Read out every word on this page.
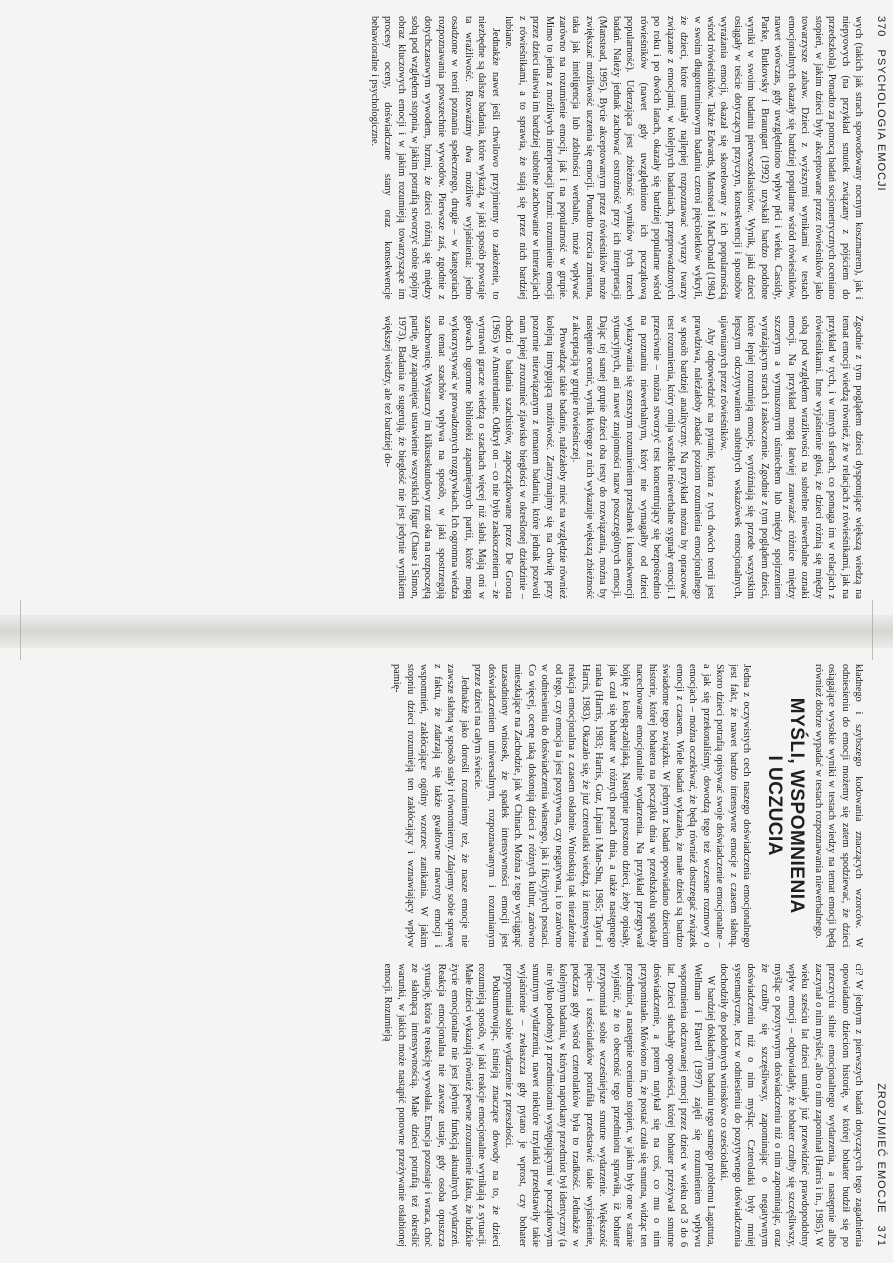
370   PSYCHOLOGIA EMOCJI

wych (takich jak strach spowodowany nocnym koszmarem), jak i niepyowych (na przykład smutek związany z pójściem do przedszkola). Ponadto za pomocą badań socjometrycznych oceniano stopień, w jakim dzieci były akceptowane przez rówieśników jako towarzysze zabaw. Dzieci z wyższymi wynikami w testach emocjonalnych okazały się bardziej popularne wśród rówieśników, nawet wówczas, gdy uwzględniono wpływ płci i wieku. Cassidy, Parke, Butkovsky i Braungart (1992) uzyskali bardzo podobne wyniki w swoim badaniu pierwszoklasistów. Wynik, jaki dzieci osiągały w teście dotyczącym przyczyn, konsekwencji i sposobów wyrażania emocji, okazał się skorelowany z ich popularnością wśród rówieśników. Także Edwards, Manstead i MacDonald (1984) w swoim długoterminowym badaniu czteroi pięcioletków wykryli, że dzieci, które umiały najlepiej rozpoznawać wyrazy twarzy związane z emocjami, w kolejnych badaniach, przeprowadzonych po roku i po dwóch latach, okazały się bardziej popularne wśród rówieśników (nawet gdy uwzględniono ich początkową popularność). Uderzająca jest zbieżność wyników tych trzech badań. Należy jednak zachować ostrożność przy ich interpretacji (Manstead, 1995). Bycie akceptowanym przez rówieśników może zwiększać możliwość uczenia się emocji. Ponadto trzecia zmienna, taka jak inteligencja lub zdolności werbalne, może wpływać zarówno na rozumienie emocji, jak i na popularność w grupie. Mimo to jedna z możliwych interpretacji brzmi: rozumienie emocji przez dzieci ułatwia im bardziej subtelne zachowanie w interakcjach z rówieśnikami, a to sprawia, że stają się przez nich bardziej lubiane.

Jednakże nawet jeśli chwilowo przyjmiemy to założenie, to niezbędne są dalsze badania, które wykażą, w jaki sposób powstaje ta wrażliwość. Rozważmy dwa możliwe wyjaśnienia: jedno osadzone w teorii poznania społecznego, drugie – w kategoriach rozpoznawania powszechnie wywodów. Pierwsze zaś, zgodnie z dotychczasowym wywodem, brzmi, że dzieci różnią się między sobą pod względem stopnia, w jakim potrafią stworzyć sobie spójny obraz kluczowych emocji i w jakim rozumieją towarzyszące im procesy oceny, doświadczane stany oraz konsekwencje behawioralne i psychologiczne.

Zgodnie z tym poglądem dzieci dysponujące większą wiedzą na temat emocji wiedzą również, że w relacjach z rówieśnikami, jak na przykład w tych, i w innych sferach, co pomaga im w relacjach z rówieśnikami. Inne wyjaśnienie głosi, że dzieci różnią się między sobą pod względem wrażliwości na subtelne niewerbalne oznaki emocji. Na przykład mogą łatwiej zauważać różnice między szczerym a wymuszonym uśmiechem lub między spojrzeniem wyrażającym strach i zaskoczenie. Zgodnie z tym poglądem dzieci, które lepiej rozumieją emocje, wyróżniają się przede wszystkim lepszym odczytywaniem subtelnych wskazówek emocjonalnych, ujawnianych przez rówieśników.

Aby odpowiedzieć na pytanie, która z tych dwóch teorii jest prawdziwa, należałoby zbadać poziom rozumienia emocjonalnego w sposób bardziej analityczny. Na przykład można by opracować test rozumienia, który omija wszelkie niewerbalne sygnały emocji. I przeciwnie – można stworzyć test koncentrujący się bezpośrednio na poznaniu niewerbalnym, który nie wymagałby od dzieci wykazywania się szerszym rozumieniem przesłanek i konsekwencji sytuacyjnych, ani nawet znajomości nazw poszczególnych emocji. Dając tej samej grupie dzieci oba testy do rozwiązania, można by następnie ocenić, wynik którego z nich wykazuje większą zbieżność z akceptacją w grupie rówieśniczej.

Prowadząc takie badanie, należałoby mieć na względzie również kolejną intrygującą możliwość. Zatrzymajmy się na chwilę przy pozornie niezwiązanym z tematem badaniu, które jednak pozwoli nam lepiej zrozumieć zjawisko biegłości w określonej dziedzinie – chodzi o badania szachistów, zapoczątkowane przez De Groota (1965) w Amsterdamie. Odkrył on – co nie było zaskoczeniem – że wytrawni gracze wiedzą o szachach więcej niż słabi. Mają oni w głowach ogromne biblioteki zapamiętanych partii, które mogą wykorzystywać w prowadzonych rozgrywkach. Ich ogromna wiedza na temat szachów wpływa na sposób, w jaki spostrzegają szachownicę. Wystarczy im kilkusekundowy rzut oka na rozpoczętą partię, aby zapamiętać ustawienie wszystkich figur (Chase i Simon, 1973). Badania te sugerują, że biegłość nie jest jedynie wynikiem większej wiedzy, ale też bardziej do-

ZROZUMIEĆ EMOCJE   371

kładnego i szybszego kodowania znaczących wzorców. W odniesieniu do emocji możemy się zatem spodziewać, że dzieci osiągające wysokie wyniki w testach wiedzy na temat emocji będą również dobrze wypadać w testach rozpoznawania niewerbalnego.

MYŚLI, WSPOMNIENIA
I UCZUCIA

Jedna z oczywistych cech naszego doświadczenia emocjonalnego jest fakt, że nawet bardzo intensywne emocje z czasem słabną. Skoro dzieci potrafią opisywać swoje doświadczenie emocjonalne – a jak się przekonaliśmy, dowodzą tego też wczesne rozmowy o emocjach – można oczekiwać, że będą również dostrzegać związek emocji z czasem. Wiele badań wykazało, że małe dzieci są bardzo świadome tego związku. W jednym z badań opowiadano dzieciom historie, której bohatera na początku dnia w przedszkolu spotkały nacechowane emocjonalnie wydarzenia. Na przykład przegrywał bójkę z kolegą-zabijaką. Następnie proszono dzieci, żeby opisały, jak czuł się bohater w różnych porach dnia, a także następnego ranka (Harris, 1983; Harris, Guz, Lipian i Man-Shu, 1985; Taylor i Harris, 1983). Okazało się, że już czterolatki wiedzą, iż intensywna reakcja emocjonalna z czasem osłabnie. Wnioskują tak niezależnie od tego, czy emocja ta jest pozytywna, czy negatywna, i to zarówno w odniesieniu do doświadczenia własnego, jak i fikcyjnych postaci. Co więcej, ocenę taką dokonują dzieci z różnych kultur, zarówno mieszkające na Zachodzie, jak w Chinach. Można z tego wyciągnąć uzasadniony wniosek, że spadek intensywności emocji jest doświadczeniem uniwersalnym, rozpoznawanym i rozumianym przez dzieci na całym świecie.

Jednakże jako dorośli rozumiemy też, że nasze emocje nie zawsze słabną w sposób stały i równomierny. Zdajemy sobie sprawę z faktu, że zdarzają się także gwałtowne nawroty emocji i wspomnień, zakłócające ogólny wzorzec zanikania. W jakim stopniu dzieci rozumieją ten zakłócający i wznawiający wpływ pamię-

ci? W jednym z pierwszych badań dotyczących tego zagadnienia opowiadano dzieciom historię, w której bohater budził się po przeczyciu silnie emocjonalnego wydarzenia, a następnie albo zaczynał o nim myśleć, albo o nim zapominał (Harris i in., 1985). W wieku sześciu lat dzieci umiały już przewidzieć prawdopodobny wpływ emocji – odpowiadały, że bohater czułby się szczęśliwszy, myśląc o pozytywnym doświadczeniu niż o nim zapominając, oraz że czułby się szczęśliwszy, zapominając o negatywnym doświadczeniu niż o nim myśląc. Czterolatki były mniej systematyczne, lecz w odniesieniu do pozytywnego doświadczenia dochodziły do podobnych wniosków co sześciolatki.

W bardziej dokładnym badaniu tego samego problemu Lagattuta, Wellman i Flavell (1997) zajęli się rozumieniem wpływu wspomnienia odczuwanej emocji przez dzieci w wieku od 3 do 6 lat. Dzieci słuchały opowieści, której bohater przeżywał smutne doświadczenie, a potem natykał się na coś, co mu o nim przypominało. Mówiono im, że postać czuła się smutna, widząc ten przedmiot, a następnie oceniano stopień, w jakim były one w stanie wyjaśnić, że to obecność tego przedmiotu sprawiła, iż bohater przypomniał sobie wcześniejsze smutne wydarzenie. Większość pięcio- i sześciolatków potrafiła przedstawić takie wyjaśnienie, podczas gdy wśród czterolatków była to rzadkość. Jednakże w kolejnym badaniu, w którym napotkany przedmiot był identyczny (a nie tylko podobny) z przedmiotami występującymi w początkowym smutnym wydarzeniu, nawet niektóre trzylatki przedstawiły takie wyjaśnienie – zwłaszcza gdy pytano je wprost, czy bohater przypomniał sobie wydarzenie z przeszłości.

Podsumowując, istnieją znaczące dowody na to, że dzieci rozumieją sposób, w jaki reakcje emocjonalne wynikają z sytuacji. Małe dzieci wykazują również pewne zrozumienie faktu, że ludzkie życie emocjonalne nie jest jedynie funkcją aktualnych wydarzeń. Reakcja emocjonalna nie zawsze ustaje, gdy osoba opuszcza sytuację, która tę reakcję wywołała. Emocja pozostaje i wraca, choć ze słabnącą intensywnością. Małe dzieci potrafią też określić warunki, w jakich może nastąpić ponowne przeżywanie osłabionej emocji. Rozumieją
